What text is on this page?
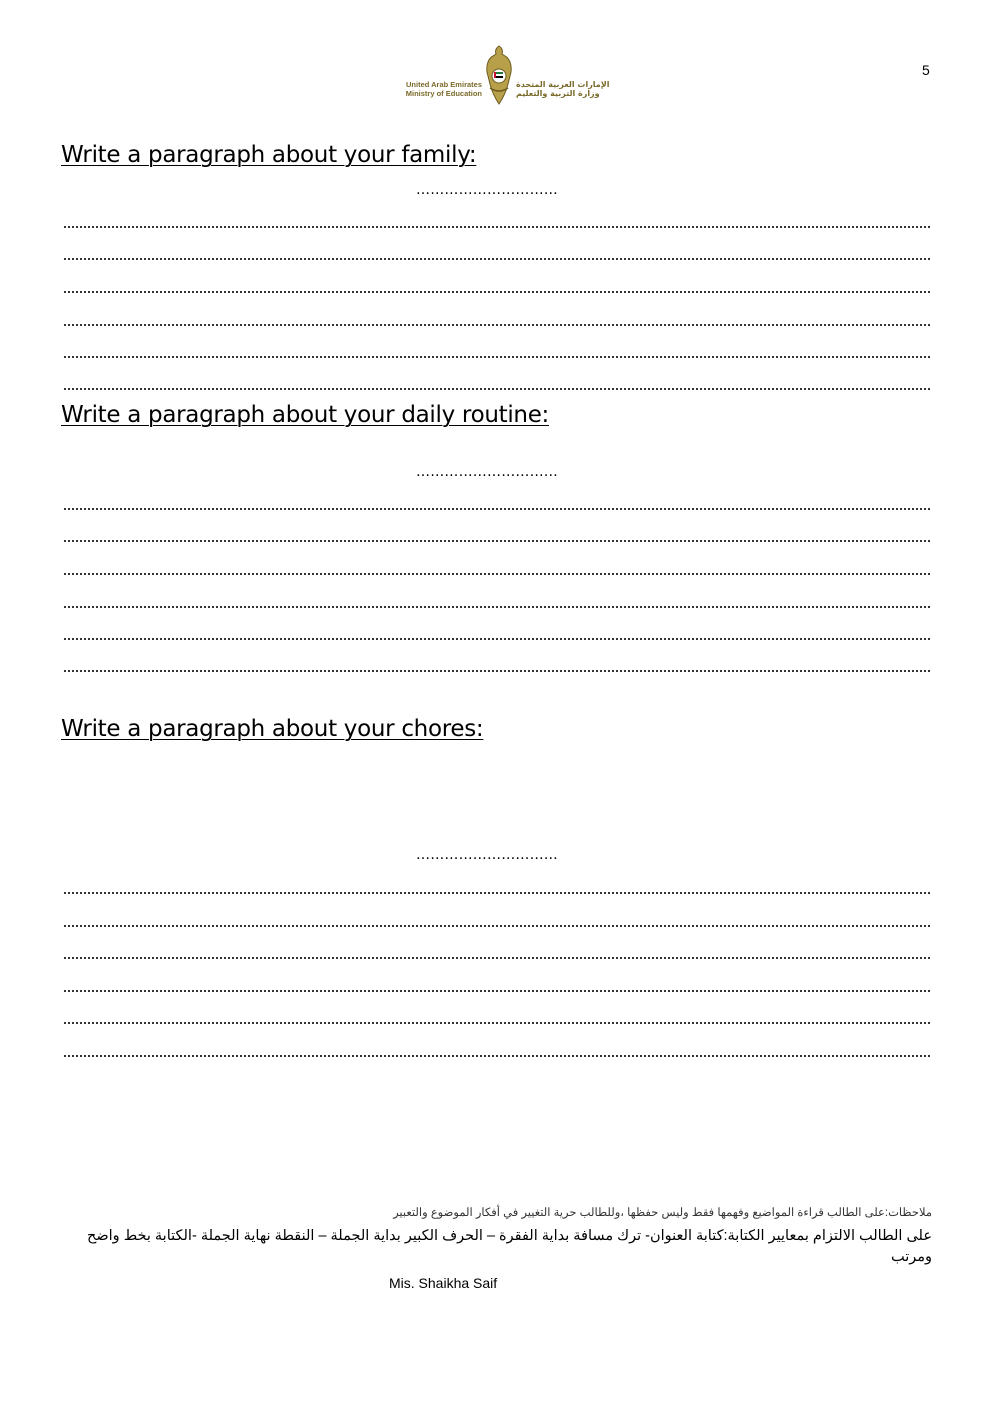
5
United Arab Emirates
Ministry of Education
الإمارات العربية المتحدة
وزارة التربية والتعليم
Write a paragraph about your family:
…………………………
Write a paragraph about your daily routine:
…………………………
Write a paragraph about your chores:
…………………………
ملاحظات:على الطالب قراءة المواضيع وفهمها فقط وليس حفظها ،وللطالب حرية التغيير في أفكار الموضوع والتعبير
على الطالب الالتزام بمعايير الكتابة:كتابة العنوان- ترك مسافة بداية الفقرة – الحرف الكبير بداية الجملة – النقطة نهاية الجملة -الكتابة بخط واضح ومرتب
Mis. Shaikha Saif
